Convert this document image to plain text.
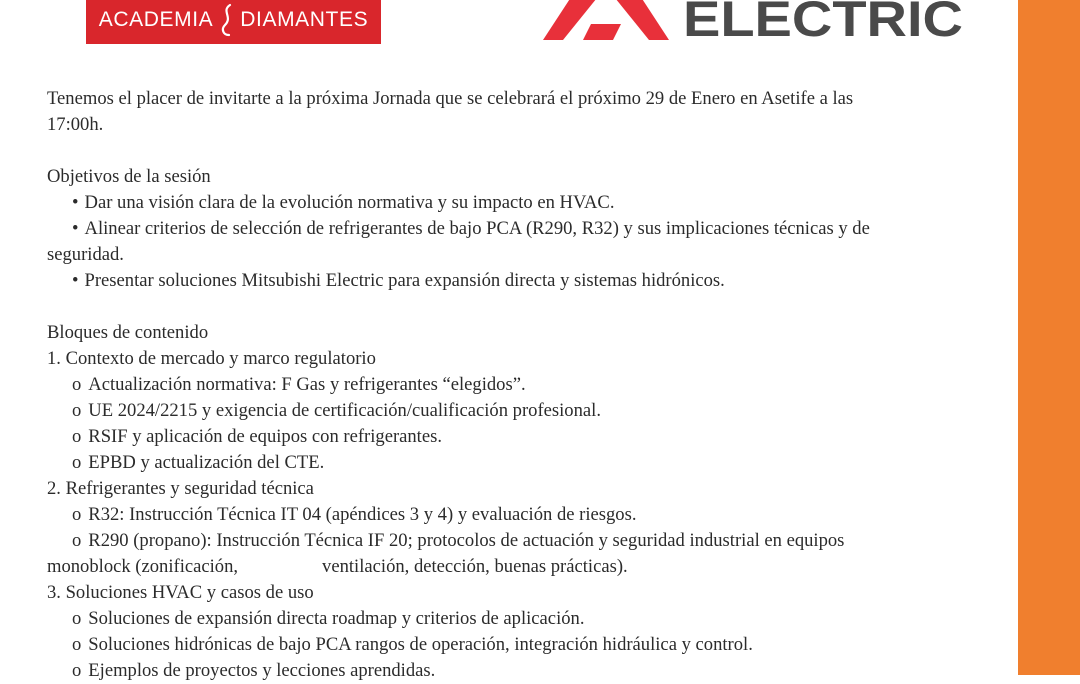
ACADEMIA DIAMANTES	ELECTRIC
Tenemos el placer de invitarte a la próxima Jornada que se celebrará el próximo 29 de Enero en Asetife a las
17:00h.
Objetivos de la sesión
• Dar una visión clara de la evolución normativa y su impacto en HVAC.
• Alinear criterios de selección de refrigerantes de bajo PCA (R290, R32) y sus implicaciones técnicas y de
seguridad.
• Presentar soluciones Mitsubishi Electric para expansión directa y sistemas hidrónicos.
Bloques de contenido
1. Contexto de mercado y marco regulatorio
o Actualización normativa: F Gas y refrigerantes “elegidos”.
o UE 2024/2215 y exigencia de certificación/cualificación profesional.
o RSIF y aplicación de equipos con refrigerantes.
o EPBD y actualización del CTE.
2. Refrigerantes y seguridad técnica
o R32: Instrucción Técnica IT 04 (apéndices 3 y 4) y evaluación de riesgos.
o R290 (propano): Instrucción Técnica IF 20; protocolos de actuación y seguridad industrial en equipos
monoblock (zonificación,	ventilación, detección, buenas prácticas).
3. Soluciones HVAC y casos de uso
o Soluciones de expansión directa roadmap y criterios de aplicación.
o Soluciones hidrónicas de bajo PCA rangos de operación, integración hidráulica y control.
o Ejemplos de proyectos y lecciones aprendidas.
